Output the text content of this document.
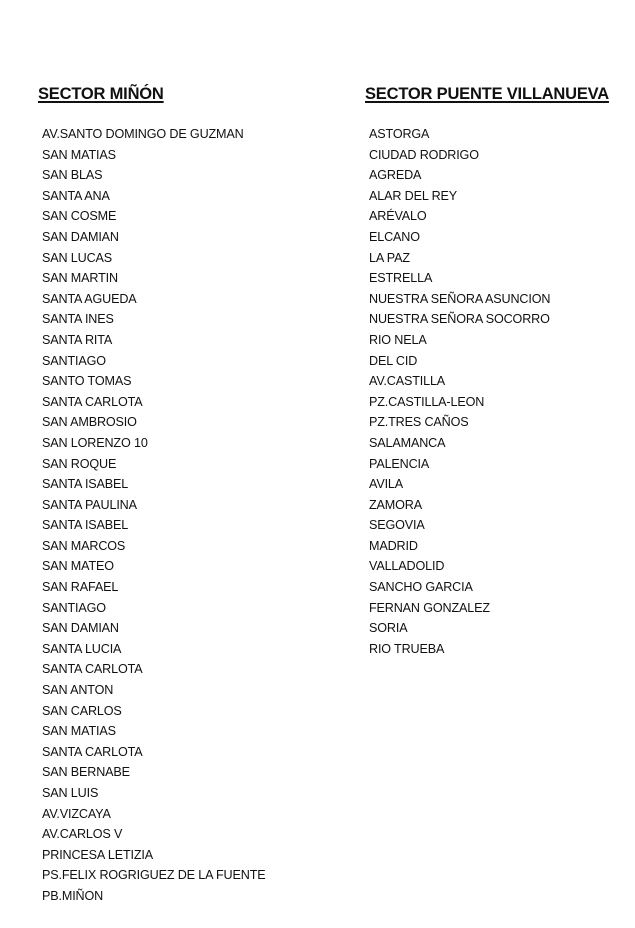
SECTOR MIÑÓN
AV.SANTO DOMINGO DE GUZMAN
SAN MATIAS
SAN BLAS
SANTA ANA
SAN COSME
SAN DAMIAN
SAN LUCAS
SAN MARTIN
SANTA AGUEDA
SANTA INES
SANTA RITA
SANTIAGO
SANTO TOMAS
SANTA CARLOTA
SAN AMBROSIO
SAN LORENZO 10
SAN ROQUE
SANTA ISABEL
SANTA PAULINA
SANTA ISABEL
SAN MARCOS
SAN MATEO
SAN RAFAEL
SANTIAGO
SAN DAMIAN
SANTA LUCIA
SANTA CARLOTA
SAN ANTON
SAN CARLOS
SAN MATIAS
SANTA CARLOTA
SAN BERNABE
SAN LUIS
AV.VIZCAYA
AV.CARLOS V
PRINCESA LETIZIA
PS.FELIX ROGRIGUEZ DE LA FUENTE
PB.MIÑON
SECTOR PUENTE VILLANUEVA
ASTORGA
CIUDAD RODRIGO
AGREDA
ALAR DEL REY
ARÉVALO
ELCANO
LA PAZ
ESTRELLA
NUESTRA SEÑORA ASUNCION
NUESTRA SEÑORA SOCORRO
RIO NELA
DEL CID
AV.CASTILLA
PZ.CASTILLA-LEON
PZ.TRES CAÑOS
SALAMANCA
PALENCIA
AVILA
ZAMORA
SEGOVIA
MADRID
VALLADOLID
SANCHO GARCIA
FERNAN GONZALEZ
SORIA
RIO TRUEBA
